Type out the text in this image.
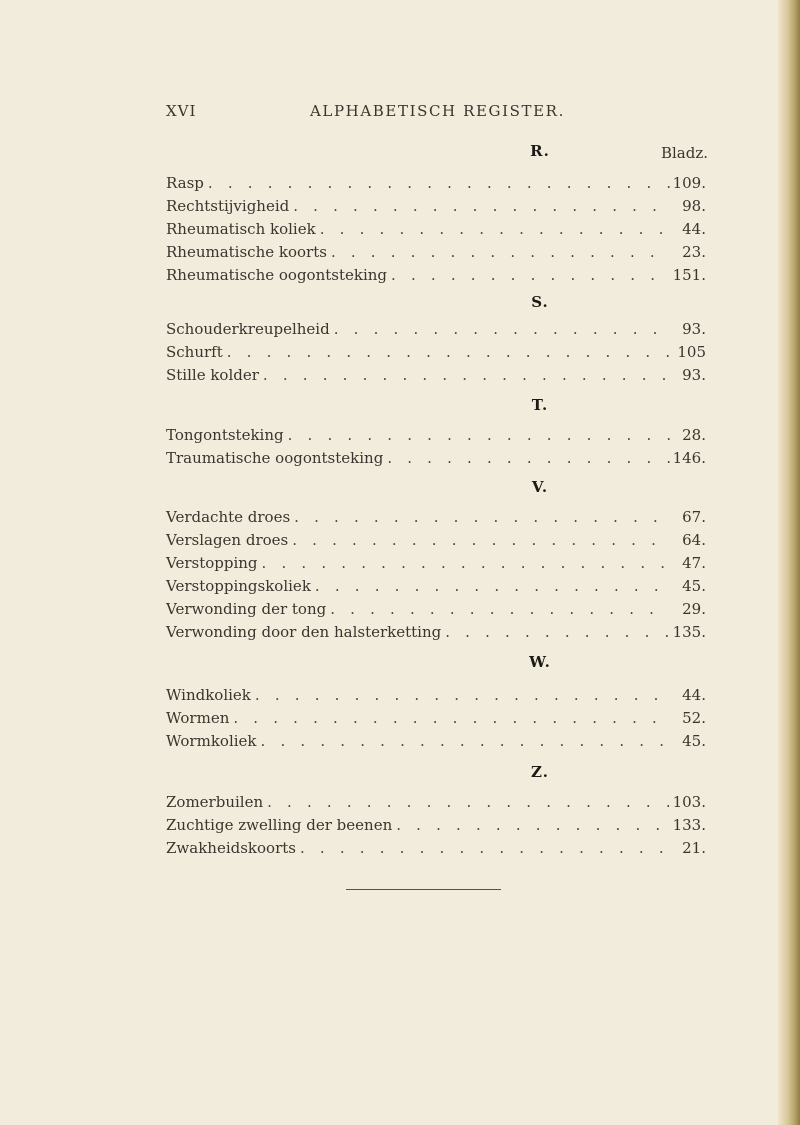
XVI	ALPHABETISCH REGISTER.
Bladz.
R.
Rasp . . .	109.
Rechtstijvigheid . . .	98.
Rheumatisch koliek . . .	44.
Rheumatische koorts . . .	23.
Rheumatische oogontsteking . . .	151.
S.
Schouderkreupelheid . . .	93.
Schurft . . .	105
Stille kolder . . .	93.
T.
Tongontsteking . . .	28.
Traumatische oogontsteking . . .	146.
V.
Verdachte droes . . .	67.
Verslagen droes . . .	64.
Verstopping . . .	47.
Verstoppingskoliek . . .	45.
Verwonding der tong . . .	29.
Verwonding door den halsterketting . . .	135.
W.
Windkoliek . . .	44.
Wormen . . .	52.
Wormkoliek . . .	45.
Z.
Zomerbuilen . . .	103.
Zuchtige zwelling der beenen . . .	133.
Zwakheidskoorts . . .	21.
